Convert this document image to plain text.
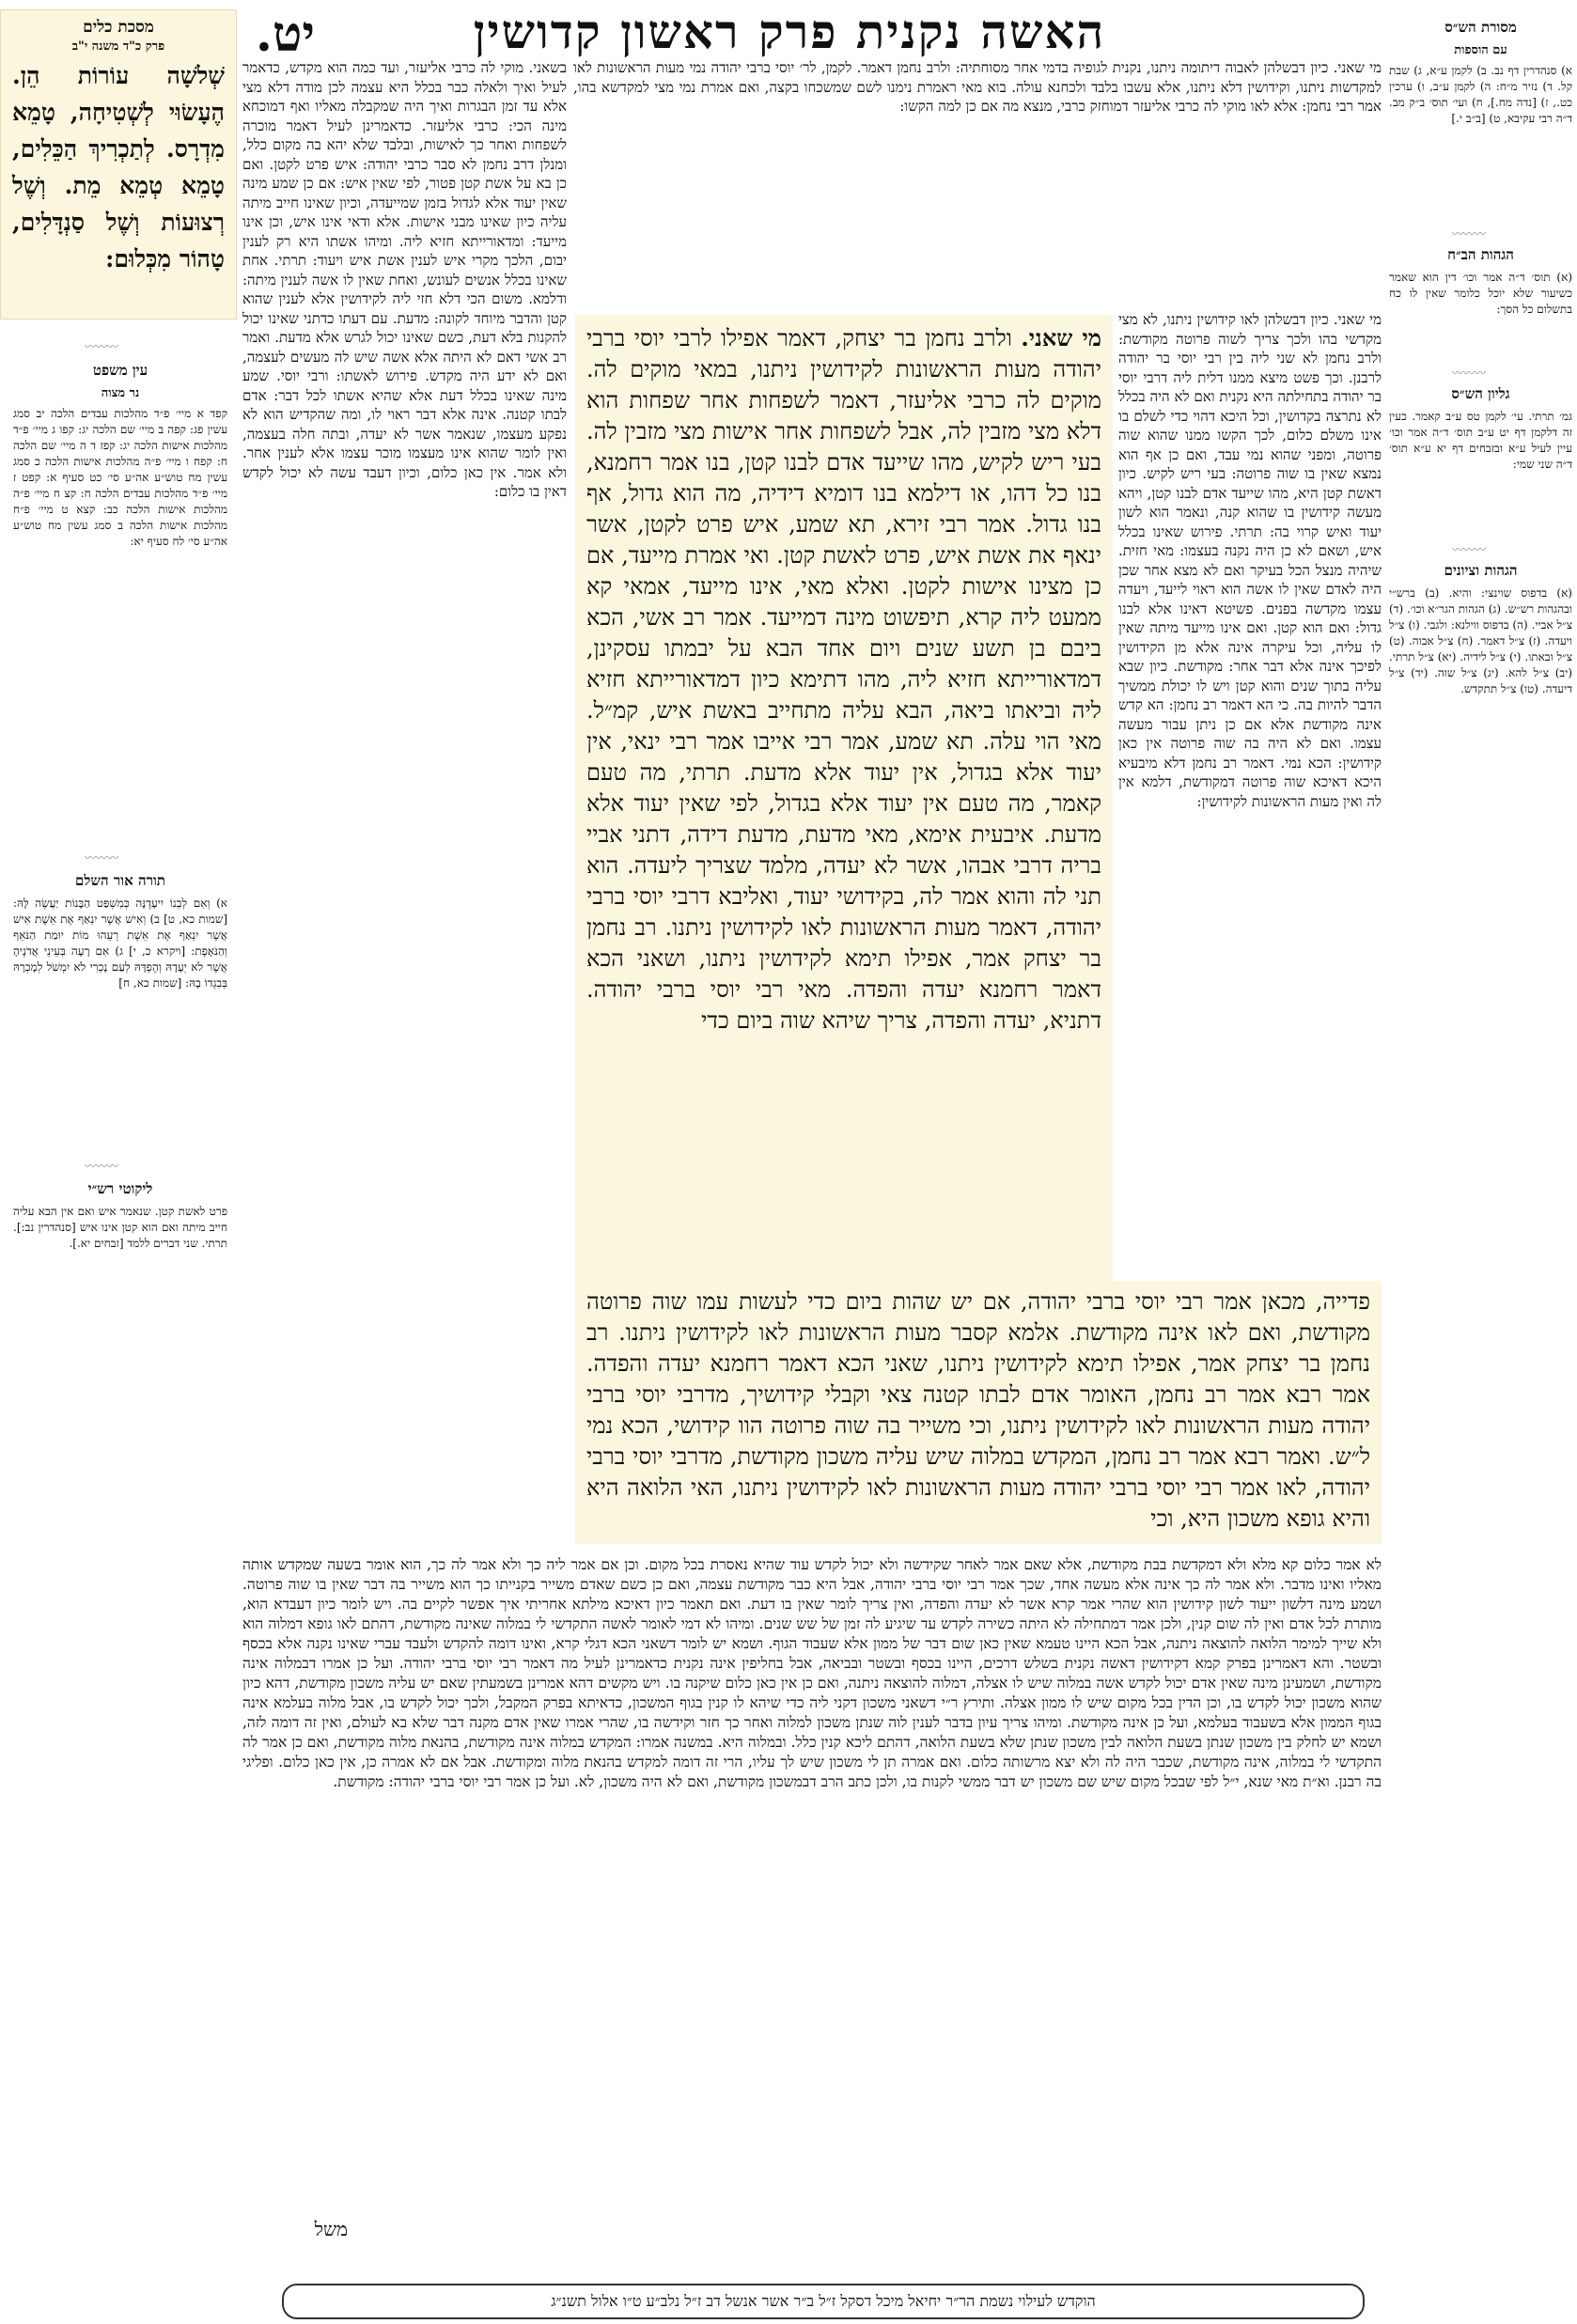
יט.	האשה נקנית פרק ראשון קדושין
מסכת כלים
פרק כ"ד משנה י"ב
שְׁלשָׁה עוֹרוֹת הֵן. הֶעָשׂוּי לְשְׁטִיחָה, טָמֵא מִדְרָס. לְתַכְרִיךְ הַכֵּלִים, טָמֵא טְמֵא מֵת. וְשֶׁל רְצוּעוֹת וְשֶׁל סַנְדָּלִים, טָהוֹר מִכְּלוּם:
〰〰〰
עין משפט
נר מצוה
קפד א מיי׳ פ״ד מהלכות עבדים הלכה יב סמג עשין פג: קפה ב מיי׳ שם הלכה יג: קפו ג מיי׳ פ״ד מהלכות אישות הלכה יג: קפז ד ה מיי׳ שם הלכה ח: קפח ו מיי׳ פ״ה מהלכות אישות הלכה כ סמג עשין מח טוש״ע אה״ע סי׳ כט סעיף א: קפט ז מיי׳ פ״ד מהלכות עבדים הלכה ח: קצ ח מיי׳ פ״ה מהלכות אישות הלכה כב: קצא ט מיי׳ פ״ח מהלכות אישות הלכה ב סמג עשין מח טוש״ע אה״ע סי׳ לח סעיף יא:
〰〰〰
תורה אור השלם
א) וְאִם לְבְנוֹ יִיעָדֶנָּה כְּמִשְׁפַּט הַבָּנוֹת יַעֲשֶׂה לָּהּ: [שמות כא, ט] ב) וְאִישׁ אֲשֶׁר יִנְאַף אֶת אֵשֶׁת אִישׁ אֲשֶׁר יִנְאַף אֶת אֵשֶׁת רֵעֵהוּ מוֹת יוּמַת הַנֹּאֵף וְהַנֹּאָפֶת: [ויקרא כ, י] ג) אִם רָעָה בְּעֵינֵי אֲדֹנֶיהָ אֲשֶׁר לֹא יְעָדָהּ וְהֶפְדָּהּ לְעַם נָכְרִי לֹא יִמְשֹׁל לְמָכְרָהּ בְּבִגְדוֹ בָהּ: [שמות כא, ח]
〰〰〰
ליקוטי רש״י
פרט לאשת קטן. שנאמר איש ואם אין הבא עליה חייב מיתה ואם הוא קטן אינו איש [סנהדרין נב:]. תרתי. שני דברים ללמד [זבחים יא.].
מסורת הש״ס
עם הוספות
א) סנהדרין דף נב. ב) לקמן ע״א, ג) שבת קל. ד) נזיר מ״ח: ה) לקמן ע״ב, ו) ערכין כט., ז) [נדה מח.], ח) ועי׳ תוס׳ ב״ק מב. ד״ה רבי עקיבא, ט) [ב״ב י.]
〰〰〰
הגהות הב״ח
(א) תוס׳ ד״ה אמר וכו׳ דין הוא שאמר כשיעור שלא יוכל כלומר שאין לו כח בתשלום כל הסך:
〰〰〰
גליון הש״ס
גמ׳ תרתי. עי׳ לקמן טס ע״ב קאמר. כעין זה דלקמן דף יט ע״ב תוס׳ ד״ה אמר וכו׳ עיין לעיל ע״א ובזבחים דף יא ע״א תוס׳ ד״ה שני שמי:
〰〰〰
הגהות וציונים
(א) בדפוס שוינצי: והיא. (ב) ברש״י ובהגהות רש״ש. (ג) הגהות הגר״א וכו׳. (ד) צ״ל אביי. (ה) בדפוס ווילנא: ולגבי. (ו) צ״ל ויעדה. (ז) צ״ל דאמר. (ח) צ״ל אבוה. (ט) צ״ל ובאתו. (י) צ״ל לידיה. (יא) צ״ל תרתי. (יב) צ״ל להא. (יג) צ״ל שוה. (יד) צ״ל דיעדה. (טו) צ״ל תתקדש.
מי שאני. כיון דבשלהן לאבוה דיתומה ניתנו, נקנית לגופיה בדמי אחר מסוחתיה: ולרב נחמן דאמר. לקמן, לר׳ יוסי ברבי יהודה נמי מעות הראשונות לאו למקדשות ניתנו, וקידושין דלא ניתנו, אלא עשבו בלבד ולכחנא עולה. בוא מאי ראמרת נימנו לשם שמשכחו בקצה, ואם אמרת נמי מצי למקדשא בהו, אמר רבי נחמן: אלא לאו מוקי לה כרבי אליעזר דמוחזק כרבי, מנצא מה אם כן למה הקשו:
מי שאני. כיון דבשלהן לאו קידושין ניתנו, לא מצי מקדשי בהו ולכך צריך לשוה פרוטה מקודשת: ולרב נחמן לא שני ליה בין רבי יוסי בר יהודה לרבנן. וכך פשט מיצא ממנו דלית ליה דרבי יוסי בר יהודה בתחילתה היא נקנית ואם לא היה בכלל לא נתרצה בקדושין, וכל היכא דהוי כדי לשלם בו אינו משלם כלום, לכך הקשו ממנו שהוא שוה פרוטה, ומפני שהוא נמי עבד, ואם כן אף הוא נמצא שאין בו שוה פרוטה: בעי ריש לקיש. כיון דאשת קטן היא, מהו שייעד אדם לבנו קטן, ויהא מעשה קידושין בו שהוא קנה, ונאמר הוא לשון יעוד ואיש קרוי בה: תרתי. פירוש שאינו בכלל איש, ושאם לא כן היה נקנה בעצמו: מאי חזית. שיהיה מנצל הכל בעיקר ואם לא מצא אחר שכן היה לאדם שאין לו אשה הוא ראוי לייעד, ויעדה עצמו מקדשה בפנים. פשיטא דאינו אלא לבנו גדול: ואם הוא קטן. ואם אינו מייעד מיתה שאין לו עליה, וכל עיקרה אינה אלא מן הקידושין לפיכך אינה אלא דבר אחר: מקודשת. כיון שבא עליה בתוך שנים והוא קטן ויש לו יכולת ממשיך הדבר להיות בה. כי הא דאמר רב נחמן: הא קדש אינה מקודשת אלא אם כן ניתן עבור מעשה עצמו. ואם לא היה בה שוה פרוטה אין כאן קידושין: הכא נמי. דאמר רב נחמן דלא מיבעיא היכא דאיכא שוה פרוטה דמקודשת, דלמא אין לה ואין מעות הראשונות לקידושין:
בשאני. מוקי לה כרבי אליעזר, ועד כמה הוא מקדש, כדאמר לעיל ואיך ולאלה כבר בכלל היא עצמה לכן מודה דלא מצי אלא עד זמן הבגרות ואיך היה שמקבלה מאליו ואף דמוכחא מינה הכי: כרבי אליעזר. כדאמרינן לעיל דאמר מוכרה לשפחות ואחר כך לאישות, ובלבד שלא יהא בה מקום כלל, ומנלן דרב נחמן לא סבר כרבי יהודה: איש פרט לקטן. ואם כן בא על אשת קטן פטור, לפי שאין איש: אם כן שמע מינה שאין יעוד אלא לגדול בזמן שמייעדה, וכיון שאינו חייב מיתה עליה כיון שאינו מבני אישות. אלא ודאי אינו איש, וכן אינו מייעד: ומדאורייתא חזיא ליה. ומיהו אשתו היא רק לענין יבום, הלכך מקרי איש לענין אשת איש ויעוד: תרתי. אחת שאינו בכלל אנשים לעונש, ואחת שאין לו אשה לענין מיתה: ודלמא. משום הכי דלא חזי ליה לקידושין אלא לענין שהוא קטן והדבר מיוחד לקונה: מדעת. עם דעתו כדתני שאינו יכול להקנות בלא דעת, כשם שאינו יכול לגרש אלא מדעת. ואמר רב אשי דאם לא היתה אלא אשה שיש לה מעשים לעצמה, ואם לא ידע היה מקדש. פירוש לאשתו: ורבי יוסי. שמע מינה שאינו בכלל דעת אלא שהיא אשתו לכל דבר: אדם לבתו קטנה. אינה אלא דבר ראוי לו, ומה שהקדיש הוא לא נפקע מעצמו, שנאמר אשר לא יעדה, ובתה חלה בעצמה, ואין לומר שהוא אינו מעצמו מוכר עצמו אלא לענין אחר. ולא אמר. אין כאן כלום, וכיון דעבד עשה לא יכול לקדש דאין בו כלום:
מי שאני. ולרב נחמן בר יצחק, דאמר אפילו לרבי יוסי ברבי יהודה מעות הראשונות לקידושין ניתנו, במאי מוקים לה. מוקים לה כרבי אליעזר, דאמר לשפחות אחר שפחות הוא דלא מצי מזבין לה, אבל לשפחות אחר אישות מצי מזבין לה. בעי ריש לקיש, מהו שייעד אדם לבנו קטן, בנו אמר רחמנא, בנו כל דהו, או דילמא בנו דומיא דידיה, מה הוא גדול, אף בנו גדול. אמר רבי זירא, תא שמע, איש פרט לקטן, אשר ינאף את אשת איש, פרט לאשת קטן. ואי אמרת מייעד, אם כן מצינו אישות לקטן. ואלא מאי, אינו מייעד, אמאי קא ממעט ליה קרא, תיפשוט מינה דמייעד. אמר רב אשי, הכא ביבם בן תשע שנים ויום אחד הבא על יבמתו עסקינן, דמדאורייתא חזיא ליה, מהו דתימא כיון דמדאורייתא חזיא ליה וביאתו ביאה, הבא עליה מתחייב באשת איש, קמ״ל. מאי הוי עלה. תא שמע, אמר רבי אייבו אמר רבי ינאי, אין יעוד אלא בגדול, אין יעוד אלא מדעת. תרתי, מה טעם קאמר, מה טעם אין יעוד אלא בגדול, לפי שאין יעוד אלא מדעת. איבעית אימא, מאי מדעת, מדעת דידה, דתני אביי בריה דרבי אבהו, אשר לא יעדה, מלמד שצריך ליעדה. הוא תני לה והוא אמר לה, בקידושי יעוד, ואליבא דרבי יוסי ברבי יהודה, דאמר מעות הראשונות לאו לקידושין ניתנו. רב נחמן בר יצחק אמר, אפילו תימא לקידושין ניתנו, ושאני הכא דאמר רחמנא יעדה והפדה. מאי רבי יוסי ברבי יהודה. דתניא, יעדה והפדה, צריך שיהא שוה ביום כדי
פדייה, מכאן אמר רבי יוסי ברבי יהודה, אם יש שהות ביום כדי לעשות עמו שוה פרוטה מקודשת, ואם לאו אינה מקודשת. אלמא קסבר מעות הראשונות לאו לקידושין ניתנו. רב נחמן בר יצחק אמר, אפילו תימא לקידושין ניתנו, שאני הכא דאמר רחמנא יעדה והפדה. אמר רבא אמר רב נחמן, האומר אדם לבתו קטנה צאי וקבלי קידושיך, מדרבי יוסי ברבי יהודה מעות הראשונות לאו לקידושין ניתנו, וכי משייר בה שוה פרוטה הוו קידושי, הכא נמי ל״ש. ואמר רבא אמר רב נחמן, המקדש במלוה שיש עליה משכון מקודשת, מדרבי יוסי ברבי יהודה, לאו אמר רבי יוסי ברבי יהודה מעות הראשונות לאו לקידושין ניתנו, האי הלואה היא והיא גופא משכון היא, וכי
לא אמר כלום קא מלא ולא דמקדשת בבת מקודשת, אלא שאם אמר לאחר שקידשה ולא יכול לקדש עוד שהיא נאסרת בכל מקום. וכן אם אמר ליה כך ולא אמר לה כך, הוא אומר בשעה שמקדש אותה מאליו ואינו מדבר. ולא אמר לה כך אינה אלא מעשה אחד, שכך אמר רבי יוסי ברבי יהודה, אבל היא כבר מקודשת עצמה, ואם כן כשם שאדם משייר בקנייתו כך הוא משייר בה דבר שאין בו שוה פרוטה. ושמע מינה דלשון ייעוד לשון קידושין הוא שהרי אמר קרא אשר לא יעדה והפדה, ואין צריך לומר שאין בו דעת. ואם תאמר כיון דאיכא מילתא אחריתי איך אפשר לקיים בה. ויש לומר כיון דעבדא הוא, מותרת לכל אדם ואין לה שום קנין, ולכן אמר דמתחילה לא היתה כשירה לקדש עד שיגיע לה זמן של שש שנים. ומיהו לא דמי לאומר לאשה התקדשי לי במלוה שאינה מקודשת, דהתם לאו גופא דמלוה הוא ולא שייך למימר הלואה להוצאה ניתנה, אבל הכא היינו טעמא שאין כאן שום דבר של ממון אלא שעבוד הגוף. ושמא יש לומר דשאני הכא דגלי קרא, ואינו דומה להקדש ולעבד עברי שאינו נקנה אלא בכסף ובשטר. והא דאמרינן בפרק קמא דקידושין דאשה נקנית בשלש דרכים, היינו בכסף ובשטר ובביאה, אבל בחליפין אינה נקנית כדאמרינן לעיל מה דאמר רבי יוסי ברבי יהודה. ועל כן אמרו דבמלוה אינה מקודשת, ושמעינן מינה שאין אדם יכול לקדש אשה במלוה שיש לו אצלה, דמלוה להוצאה ניתנה, ואם כן אין כאן כלום שיקנה בו. ויש מקשים דהא אמרינן בשמעתין שאם יש עליה משכון מקודשת, דהא כיון שהוא משכון יכול לקדש בו, וכן הדין בכל מקום שיש לו ממון אצלה. ותירץ ר״י דשאני משכון דקני ליה כדי שיהא לו קנין בגוף המשכון, כדאיתא בפרק המקבל, ולכך יכול לקדש בו, אבל מלוה בעלמא אינה בגוף הממון אלא בשעבוד בעלמא, ועל כן אינה מקודשת. ומיהו צריך עיון בדבר לענין לוה שנתן משכון למלוה ואחר כך חזר וקידשה בו, שהרי אמרו שאין אדם מקנה דבר שלא בא לעולם, ואין זה דומה לזה, ושמא יש לחלק בין משכון שנתן בשעת הלואה לבין משכון שנתן שלא בשעת הלואה, דהתם ליכא קנין כלל. ובמלוה היא. במשנה אמרו: המקדש במלוה אינה מקודשת, בהנאת מלוה מקודשת, ואם כן אמר לה התקדשי לי במלוה, אינה מקודשת, שכבר היה לה ולא יצא מרשותה כלום. ואם אמרה תן לי משכון שיש לך עליו, הרי זה דומה למקדש בהנאת מלוה ומקודשת. אבל אם לא אמרה כן, אין כאן כלום. ופליגי בה רבנן. וא״ת מאי שנא, י״ל לפי שבכל מקום שיש שם משכון יש דבר ממשי לקנות בו, ולכן כתב הרב דבמשכון מקודשת, ואם לא היה משכון, לא. ועל כן אמר רבי יוסי ברבי יהודה: מקודשת.
משל
הוקדש לעילוי נשמת הר״ר יחיאל מיכל דסקל ז״ל ב״ר אשר אנשל דב ז״ל נלב״ע ט״ו אלול תשנ״ג
